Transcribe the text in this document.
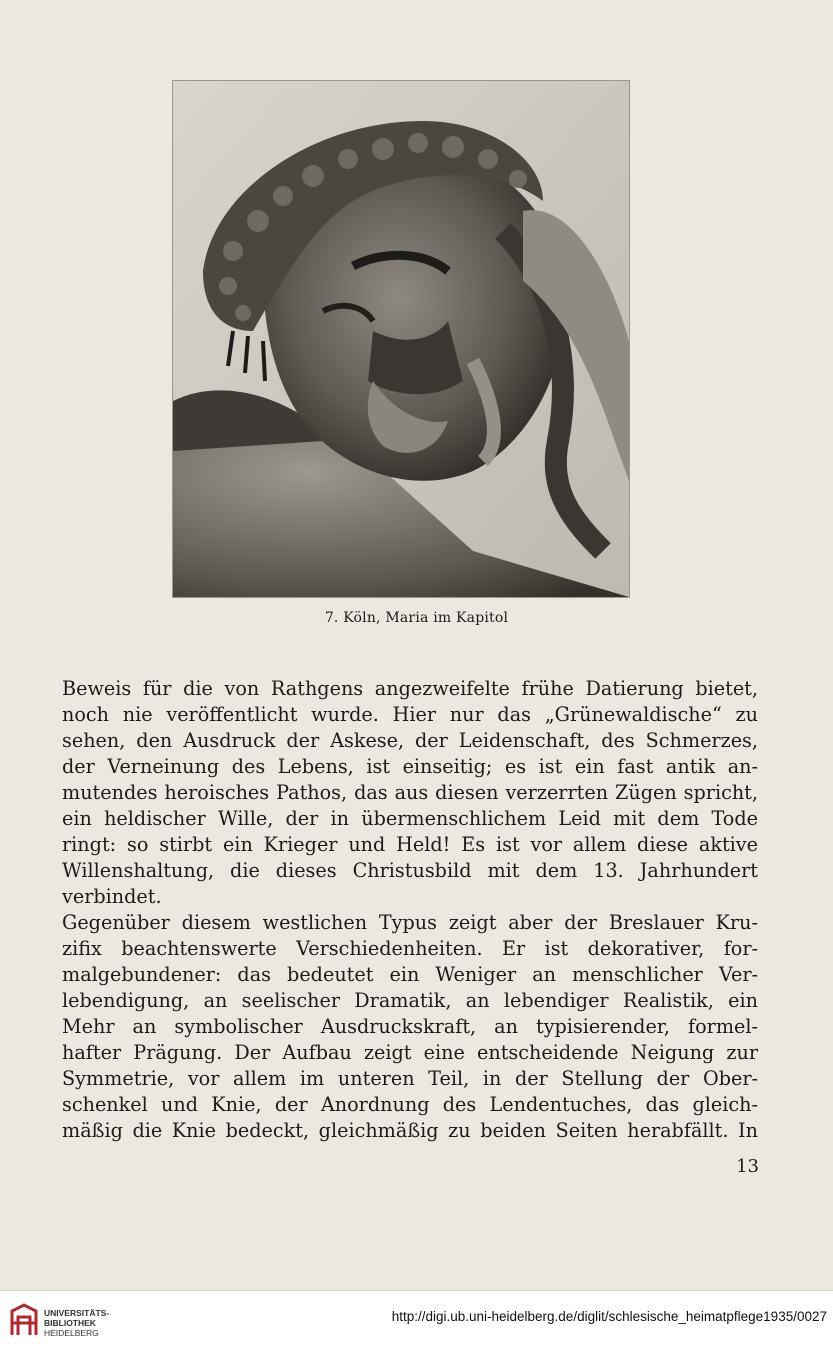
7. Köln, Maria im Kapitol
Beweis für die von Rathgens angezweifelte frühe Datierung bietet,
noch nie veröffentlicht wurde. Hier nur das „Grünewaldische“ zu
sehen, den Ausdruck der Askese, der Leidenschaft, des Schmerzes,
der Verneinung des Lebens, ist einseitig; es ist ein fast antik an-
mutendes heroisches Pathos, das aus diesen verzerrten Zügen spricht,
ein heldischer Wille, der in übermenschlichem Leid mit dem Tode
ringt: so stirbt ein Krieger und Held! Es ist vor allem diese aktive
Willenshaltung, die dieses Christusbild mit dem 13. Jahrhundert
verbindet.
Gegenüber diesem westlichen Typus zeigt aber der Breslauer Kru-
zifix beachtenswerte Verschiedenheiten. Er ist dekorativer, for-
malgebundener: das bedeutet ein Weniger an menschlicher Ver-
lebendigung, an seelischer Dramatik, an lebendiger Realistik, ein
Mehr an symbolischer Ausdruckskraft, an typisierender, formel-
hafter Prägung. Der Aufbau zeigt eine entscheidende Neigung zur
Symmetrie, vor allem im unteren Teil, in der Stellung der Ober-
schenkel und Knie, der Anordnung des Lendentuches, das gleich-
mäßig die Knie bedeckt, gleichmäßig zu beiden Seiten herabfällt. In
13
UNIVERSITÄTS-
BIBLIOTHEK
HEIDELBERG
http://digi.ub.uni-heidelberg.de/diglit/schlesische_heimatpflege1935/0027
